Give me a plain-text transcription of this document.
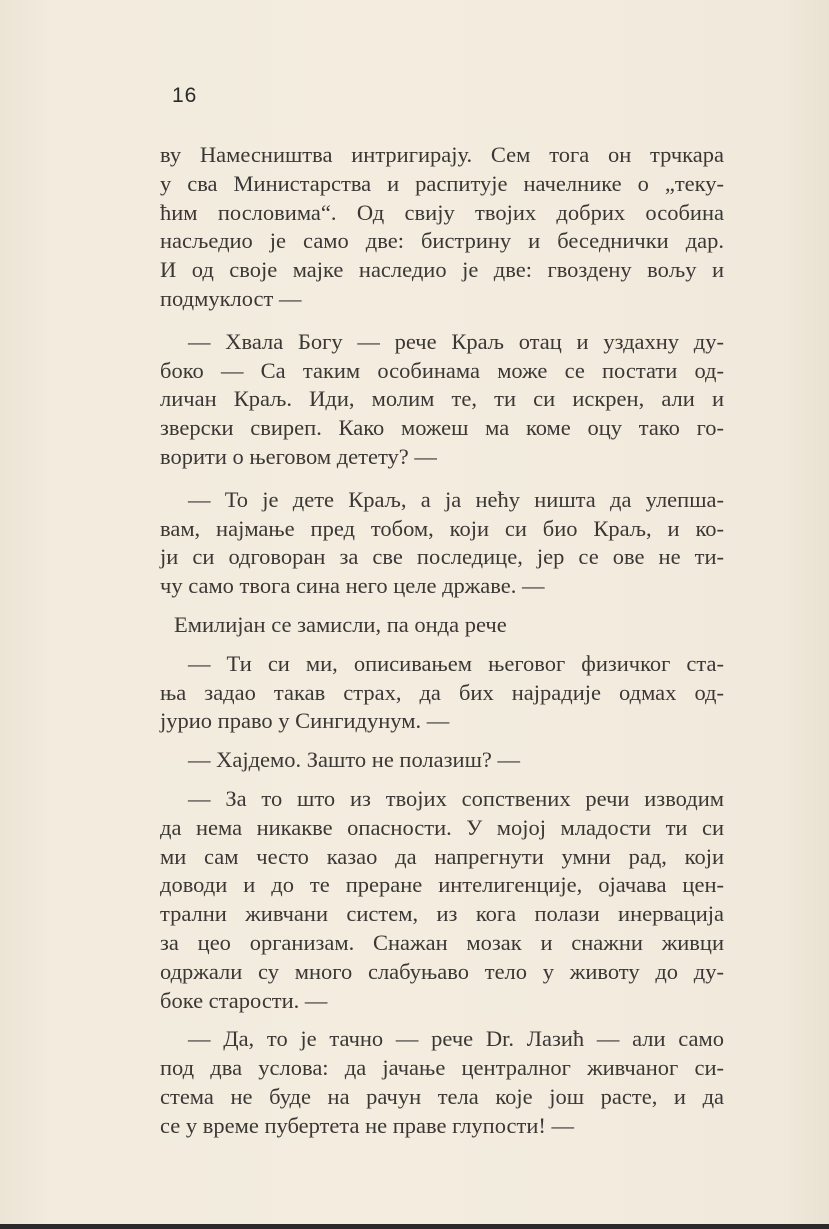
16
ву Намесништва интригирају. Сем тога он трчкара
у сва Министарства и распитује начелнике о „теку-
ћим пословима“. Од свију твојих добрих особина
насљедио је само две: бистрину и беседнички дар.
И од своје мајке наследио је две: гвоздену вољу и
подмуклост —
— Хвала Богу — рече Краљ отац и уздахну ду-
боко — Са таким особинама може се постати од-
личан Краљ. Иди, молим те, ти си искрен, али и
зверски свиреп. Како можеш ма коме оцу тако го-
ворити о његовом детету? —
— То је дете Краљ, а ја нећу ништа да улепша-
вам, најмање пред тобом, који си био Краљ, и ко-
ји си одговоран за све последице, јер се ове не ти-
чу само твога сина него целе државе. —
Емилијан се замисли, па онда рече
— Ти си ми, описивањем његовог физичког ста-
ња задао такав страх, да бих најрадије одмах од-
јурио право у Сингидунум. —
— Хајдемо. Зашто не полазиш? —
— За то што из твојих сопствених речи изводим
да нема никакве опасности. У мојој младости ти си
ми сам често казао да напрегнути умни рад, који
доводи и до те преране интелигенције, ојачава цен-
трални живчани систем, из кога полази инервација
за цео организам. Снажан мозак и снажни живци
одржали су много слабуњаво тело у животу до ду-
боке старости. —
— Да, то је тачно — рече Dr. Лазић — али само
под два услова: да јачање централног живчаног си-
стема не буде на рачун тела које још расте, и да
се у време пубертета не праве глупости! —
